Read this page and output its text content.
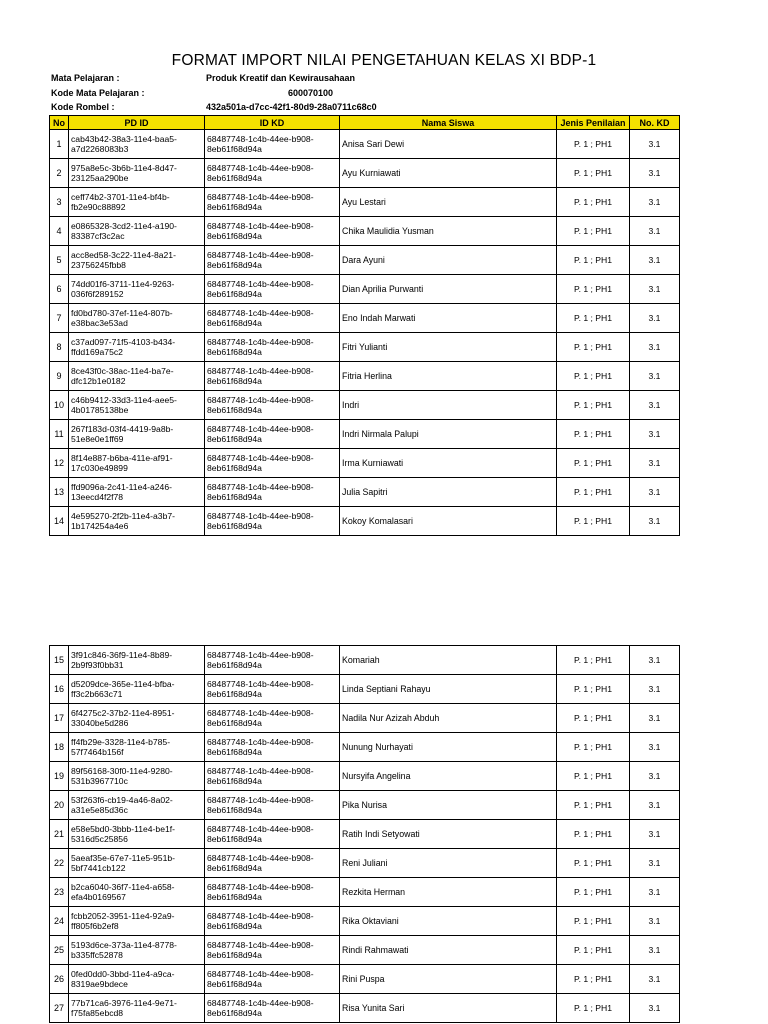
FORMAT IMPORT NILAI PENGETAHUAN KELAS XI BDP-1
Mata Pelajaran :	Produk Kreatif dan Kewirausahaan
Kode Mata Pelajaran :	600070100
Kode Rombel :	432a501a-d7cc-42f1-80d9-28a0711c68c0
No	PD ID	ID KD	Nama Siswa	Jenis Penilaian	No. KD
1	cab43b42-38a3-11e4-baa5-
a7d2268083b3	68487748-1c4b-44ee-b908-
8eb61f68d94a	Anisa Sari Dewi	P. 1 ; PH1	3.1
2	975a8e5c-3b6b-11e4-8d47-
23125aa290be	68487748-1c4b-44ee-b908-
8eb61f68d94a	Ayu Kurniawati	P. 1 ; PH1	3.1
3	ceff74b2-3701-11e4-bf4b-
fb2e90c88892	68487748-1c4b-44ee-b908-
8eb61f68d94a	Ayu Lestari	P. 1 ; PH1	3.1
4	e0865328-3cd2-11e4-a190-
83387cf3c2ac	68487748-1c4b-44ee-b908-
8eb61f68d94a	Chika Maulidia Yusman	P. 1 ; PH1	3.1
5	acc8ed58-3c22-11e4-8a21-
23756245fbb8	68487748-1c4b-44ee-b908-
8eb61f68d94a	Dara Ayuni	P. 1 ; PH1	3.1
6	74dd01f6-3711-11e4-9263-
036f6f289152	68487748-1c4b-44ee-b908-
8eb61f68d94a	Dian Aprilia Purwanti	P. 1 ; PH1	3.1
7	fd0bd780-37ef-11e4-807b-
e38bac3e53ad	68487748-1c4b-44ee-b908-
8eb61f68d94a	Eno Indah Marwati	P. 1 ; PH1	3.1
8	c37ad097-71f5-4103-b434-
ffdd169a75c2	68487748-1c4b-44ee-b908-
8eb61f68d94a	Fitri Yulianti	P. 1 ; PH1	3.1
9	8ce43f0c-38ac-11e4-ba7e-
dfc12b1e0182	68487748-1c4b-44ee-b908-
8eb61f68d94a	Fitria Herlina	P. 1 ; PH1	3.1
10	c46b9412-33d3-11e4-aee5-
4b01785138be	68487748-1c4b-44ee-b908-
8eb61f68d94a	Indri	P. 1 ; PH1	3.1
11	267f183d-03f4-4419-9a8b-
51e8e0e1ff69	68487748-1c4b-44ee-b908-
8eb61f68d94a	Indri Nirmala Palupi	P. 1 ; PH1	3.1
12	8f14e887-b6ba-411e-af91-
17c030e49899	68487748-1c4b-44ee-b908-
8eb61f68d94a	Irma Kurniawati	P. 1 ; PH1	3.1
13	ffd9096a-2c41-11e4-a246-
13eecd4f2f78	68487748-1c4b-44ee-b908-
8eb61f68d94a	Julia Sapitri	P. 1 ; PH1	3.1
14	4e595270-2f2b-11e4-a3b7-
1b174254a4e6	68487748-1c4b-44ee-b908-
8eb61f68d94a	Kokoy Komalasari	P. 1 ; PH1	3.1
15	3f91c846-36f9-11e4-8b89-
2b9f93f0bb31	68487748-1c4b-44ee-b908-
8eb61f68d94a	Komariah	P. 1 ; PH1	3.1
16	d5209dce-365e-11e4-bfba-
ff3c2b663c71	68487748-1c4b-44ee-b908-
8eb61f68d94a	Linda Septiani Rahayu	P. 1 ; PH1	3.1
17	6f4275c2-37b2-11e4-8951-
33040be5d286	68487748-1c4b-44ee-b908-
8eb61f68d94a	Nadila Nur Azizah Abduh	P. 1 ; PH1	3.1
18	ff4fb29e-3328-11e4-b785-
57f7464b156f	68487748-1c4b-44ee-b908-
8eb61f68d94a	Nunung Nurhayati	P. 1 ; PH1	3.1
19	89f56168-30f0-11e4-9280-
531b3967710c	68487748-1c4b-44ee-b908-
8eb61f68d94a	Nursyifa Angelina	P. 1 ; PH1	3.1
20	53f263f6-cb19-4a46-8a02-
a31e5e85d36c	68487748-1c4b-44ee-b908-
8eb61f68d94a	Pika Nurisa	P. 1 ; PH1	3.1
21	e58e5bd0-3bbb-11e4-be1f-
5316d5c25856	68487748-1c4b-44ee-b908-
8eb61f68d94a	Ratih Indi Setyowati	P. 1 ; PH1	3.1
22	5aeaf35e-67e7-11e5-951b-
5bf7441cb122	68487748-1c4b-44ee-b908-
8eb61f68d94a	Reni Juliani	P. 1 ; PH1	3.1
23	b2ca6040-36f7-11e4-a658-
efa4b0169567	68487748-1c4b-44ee-b908-
8eb61f68d94a	Rezkita Herman	P. 1 ; PH1	3.1
24	fcbb2052-3951-11e4-92a9-
ff805f6b2ef8	68487748-1c4b-44ee-b908-
8eb61f68d94a	Rika Oktaviani	P. 1 ; PH1	3.1
25	5193d6ce-373a-11e4-8778-
b335ffc52878	68487748-1c4b-44ee-b908-
8eb61f68d94a	Rindi Rahmawati	P. 1 ; PH1	3.1
26	0fed0dd0-3bbd-11e4-a9ca-
8319ae9bdece	68487748-1c4b-44ee-b908-
8eb61f68d94a	Rini Puspa	P. 1 ; PH1	3.1
27	77b71ca6-3976-11e4-9e71-
f75fa85ebcd8	68487748-1c4b-44ee-b908-
8eb61f68d94a	Risa Yunita Sari	P. 1 ; PH1	3.1
